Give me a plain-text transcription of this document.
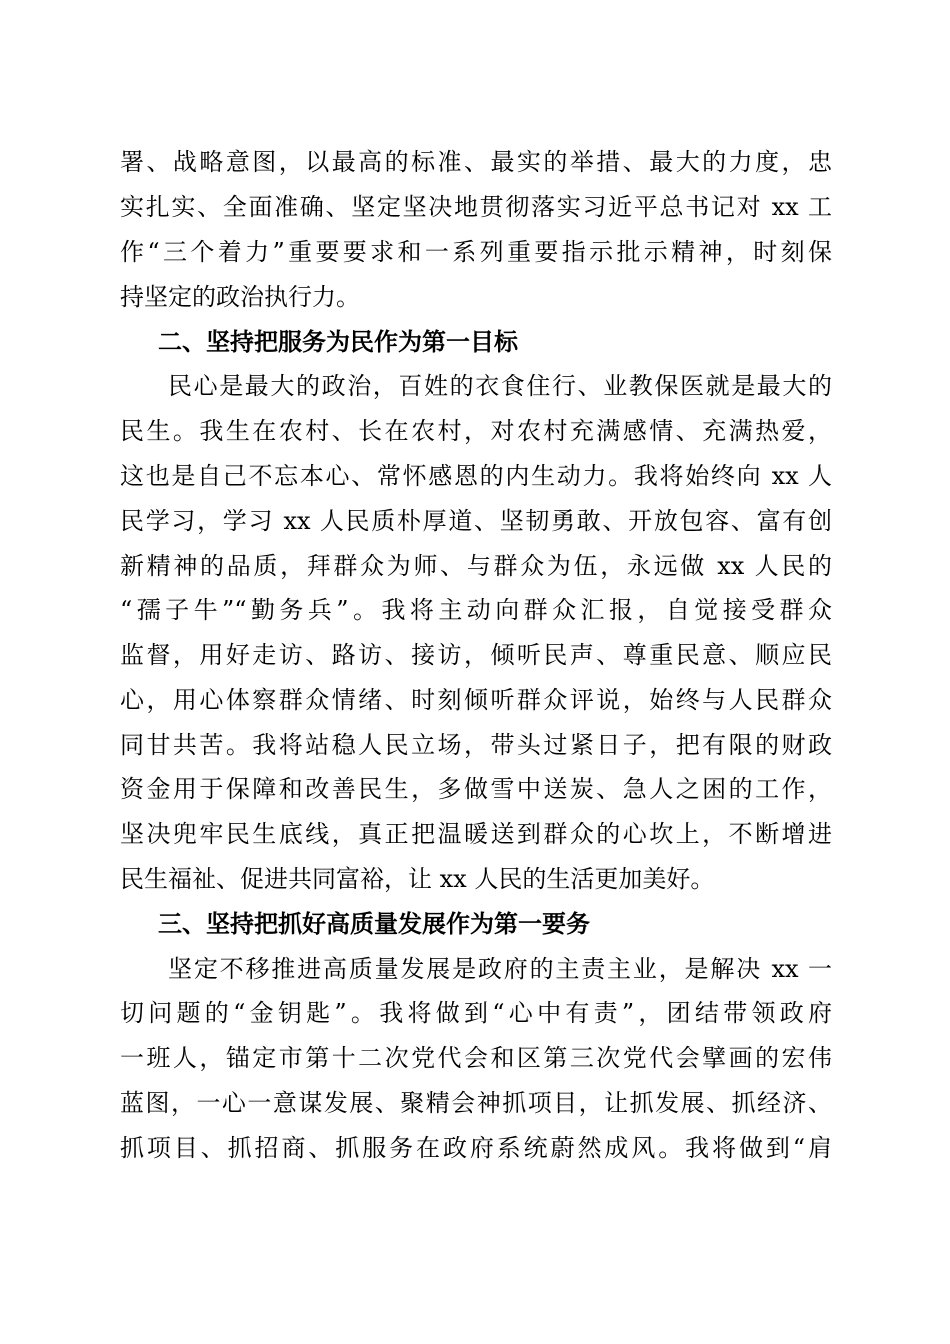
署、战略意图，以最高的标准、最实的举措、最大的力度，忠
实扎实、全面准确、坚定坚决地贯彻落实习近平总书记对 xx 工
作“三个着力”重要要求和一系列重要指示批示精神，时刻保
持坚定的政治执行力。
二、坚持把服务为民作为第一目标
民心是最大的政治，百姓的衣食住行、业教保医就是最大的
民生。我生在农村、长在农村，对农村充满感情、充满热爱，
这也是自己不忘本心、常怀感恩的内生动力。我将始终向 xx 人
民学习，学习 xx 人民质朴厚道、坚韧勇敢、开放包容、富有创
新精神的品质，拜群众为师、与群众为伍，永远做 xx 人民的
“孺子牛”“勤务兵”。我将主动向群众汇报，自觉接受群众
监督，用好走访、路访、接访，倾听民声、尊重民意、顺应民
心，用心体察群众情绪、时刻倾听群众评说，始终与人民群众
同甘共苦。我将站稳人民立场，带头过紧日子，把有限的财政
资金用于保障和改善民生，多做雪中送炭、急人之困的工作，
坚决兜牢民生底线，真正把温暖送到群众的心坎上，不断增进
民生福祉、促进共同富裕，让 xx 人民的生活更加美好。
三、坚持把抓好高质量发展作为第一要务
坚定不移推进高质量发展是政府的主责主业，是解决 xx 一
切问题的“金钥匙”。我将做到“心中有责”，团结带领政府
一班人，锚定市第十二次党代会和区第三次党代会擘画的宏伟
蓝图，一心一意谋发展、聚精会神抓项目，让抓发展、抓经济、
抓项目、抓招商、抓服务在政府系统蔚然成风。我将做到“肩
